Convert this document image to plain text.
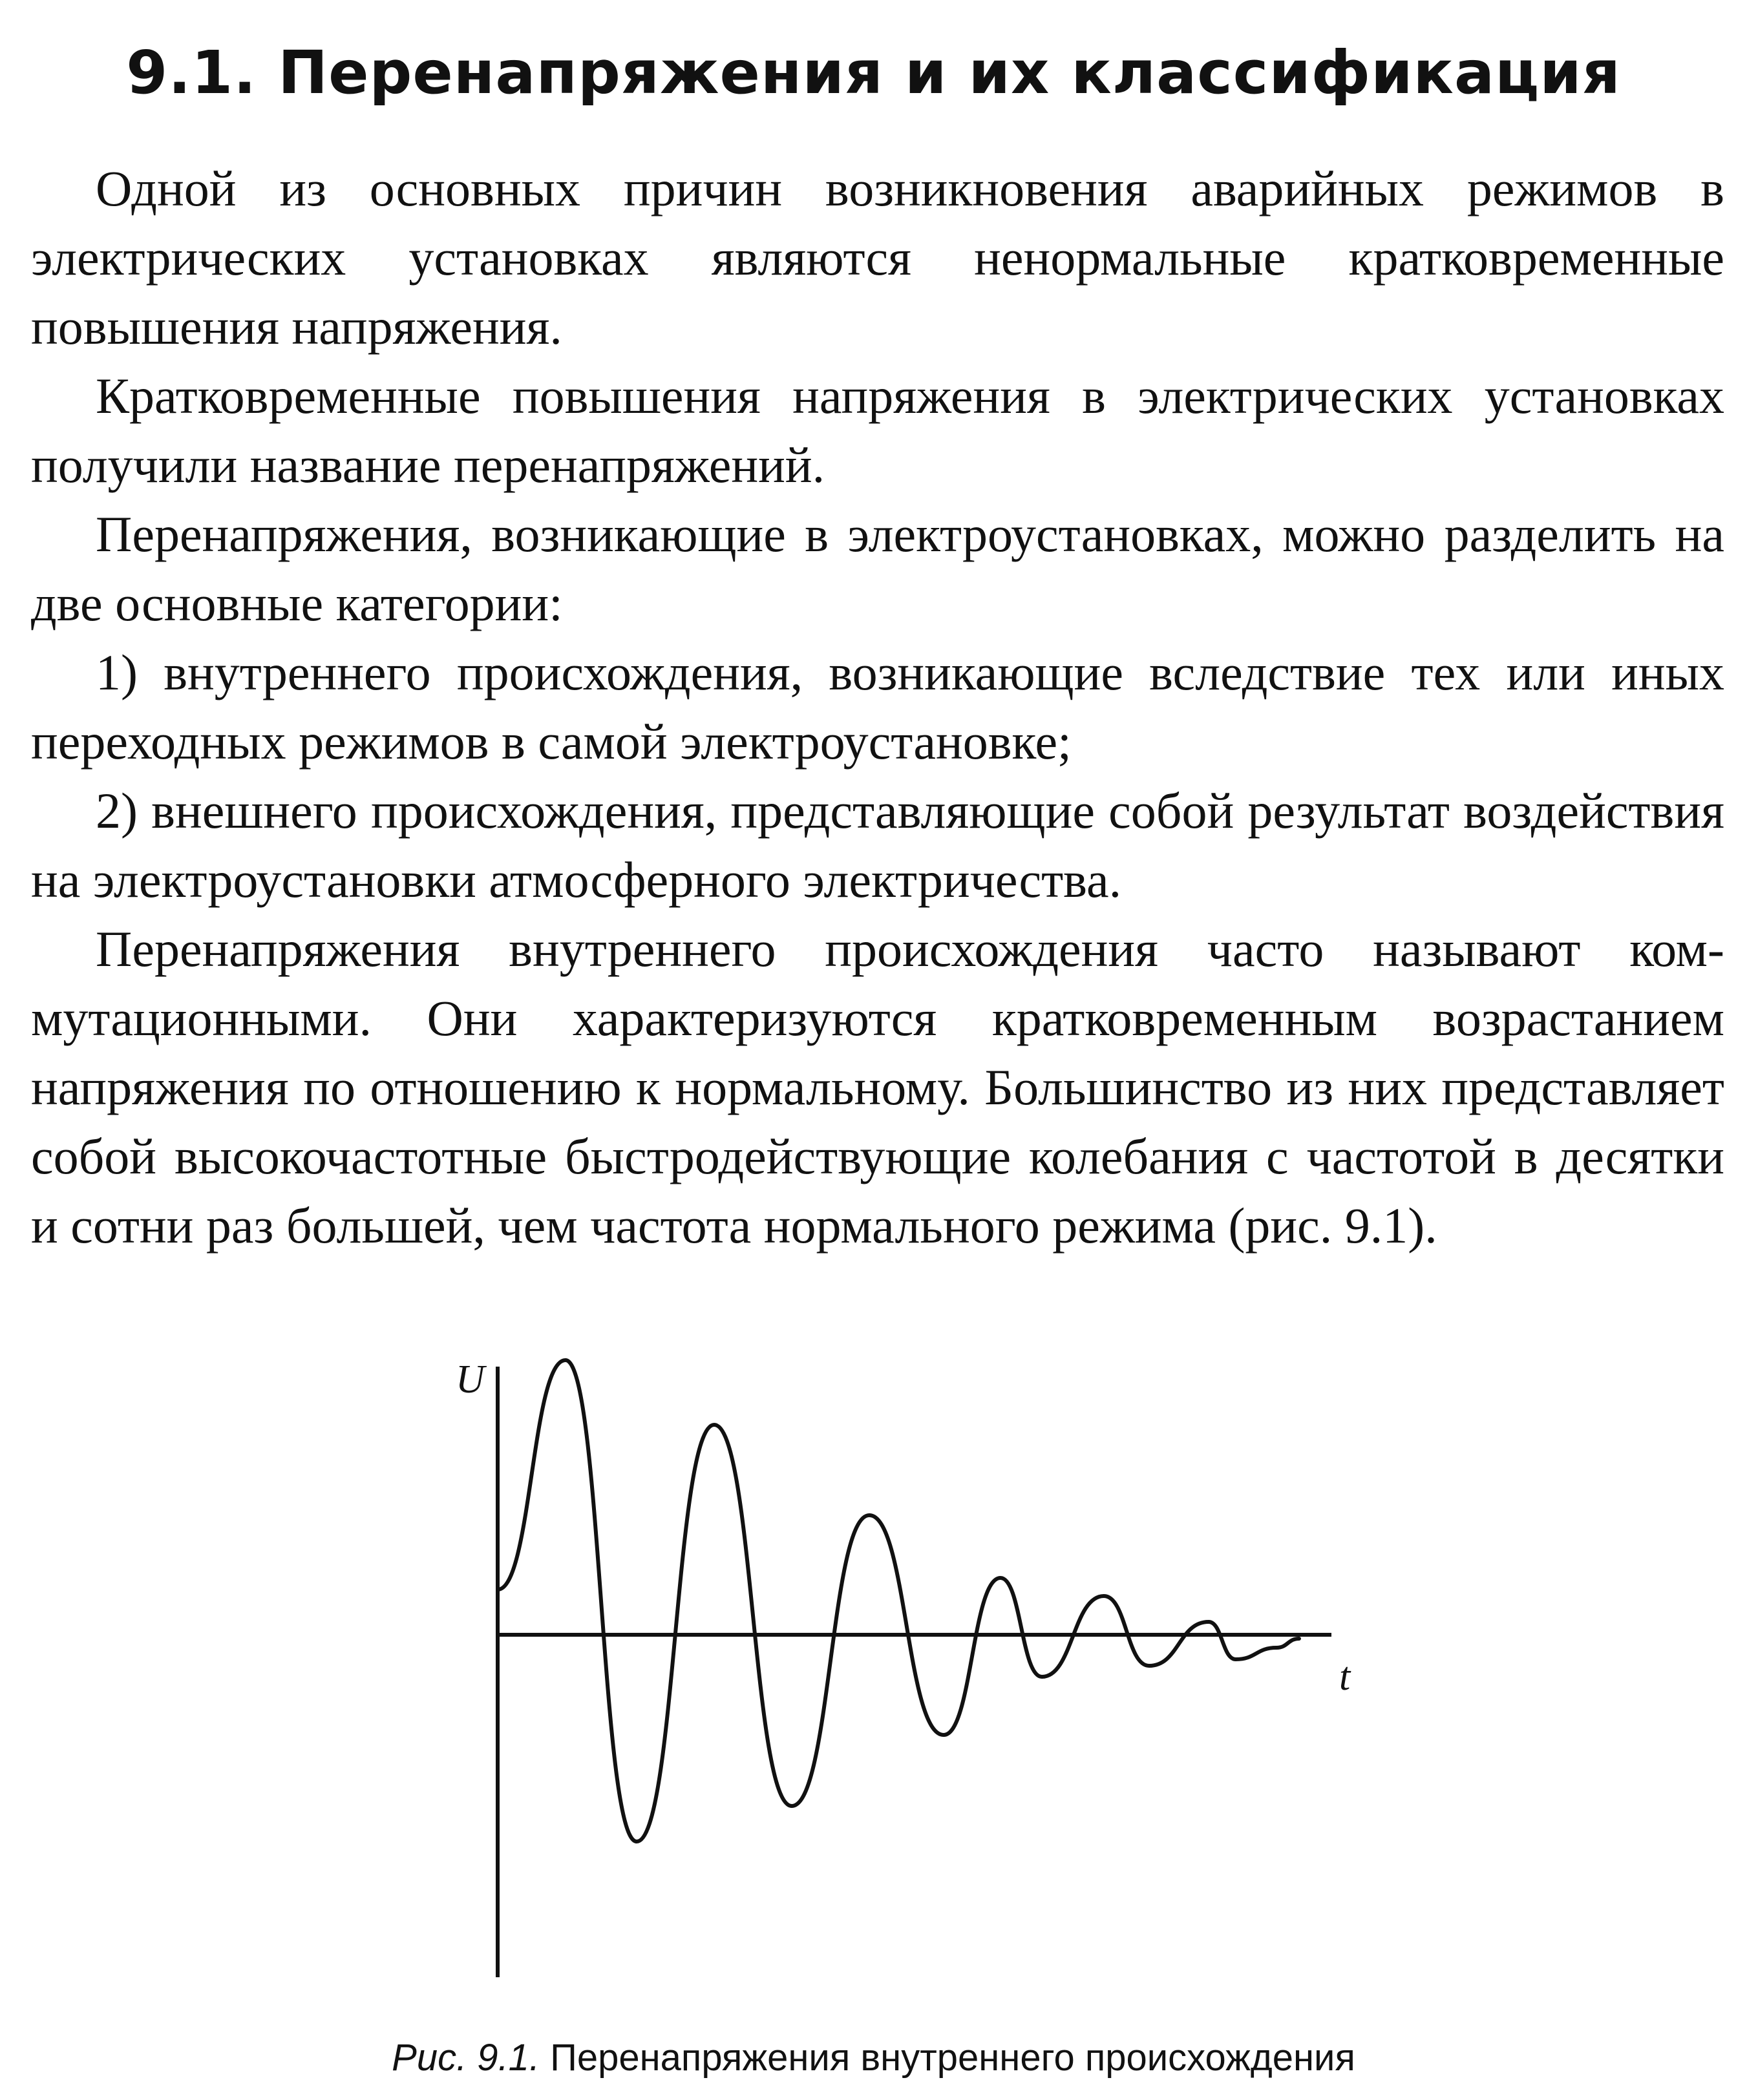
9.1. Перенапряжения и их классификация

Одной из основных причин возникновения аварийных режимов в электрических установках являются ненормальные кратковременные повышения напряжения.

Кратковременные повышения напряжения в электрических установках получили название перенапряжений.

Перенапряжения, возникающие в электроустановках, можно разделить на две основные категории:

1) внутреннего происхождения, возникающие вследствие тех или иных переходных режимов в самой электроустановке;

2) внешнего происхождения, представляющие собой результат воздействия на электроустановки атмосферного электричества.

Перенапряжения внутреннего происхождения часто называют коммутационными. Они характеризуются кратковременным возрастанием напряжения по отношению к нормальному. Большинство из них представляет собой высокочастотные быстродействующие колебания с частотой в десятки и сотни раз большей, чем частота нормального режима (рис. 9.1).

U
t
Рис. 9.1. Перенапряжения внутреннего происхождения
